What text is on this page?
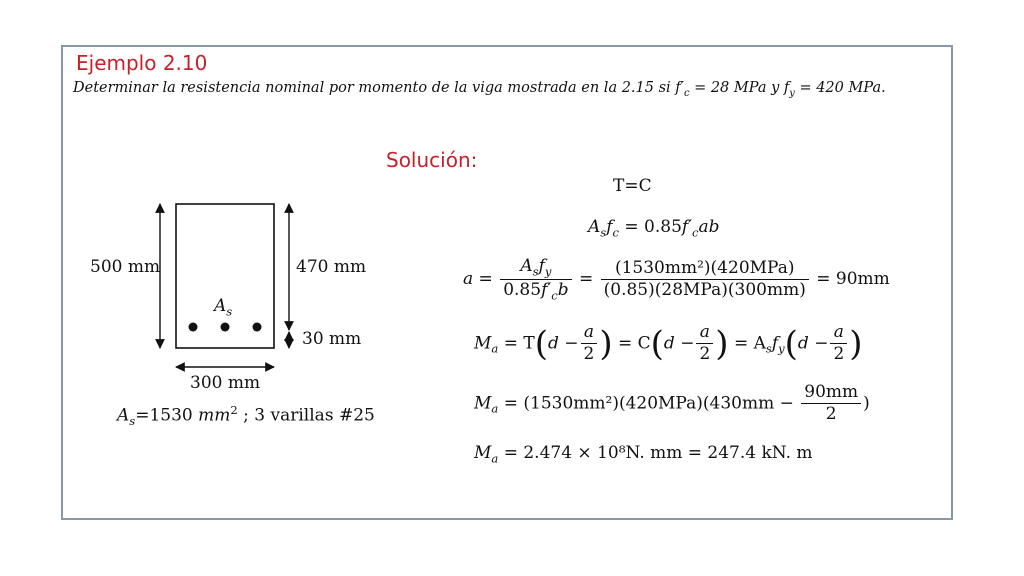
Ejemplo 2.10
Determinar la resistencia nominal por momento de la viga mostrada en la 2.15 si $f'_c = 28$ MPa y $f_y = 420$ MPa.
Solución:
500 mm	470 mm
30 mm
300 mm
$A_s$
$A_s=1530$ $mm^2$ ; 3 varillas #25
T=C
$A_sf_c = 0.85f'_cab$
$a = \frac{A_sf_y}{0.85f'_cb} = \frac{\text{(1530mm²)(420MPa)}}{\text{(0.85)(28MPa)(300mm)}} = 90mm$
$M_a = T(d - \frac{a}{2}$ ) = $C(d - \frac{a}{2}$ ) = $A_sf_y(d - \frac{a}{2}$ )
$M_a = (1530mm^2)(420MPa)(430mm - \frac{90mm}{2}$ )
$M_a = 2.474 \times 10^8N$. mm = 247.4 kN. m
